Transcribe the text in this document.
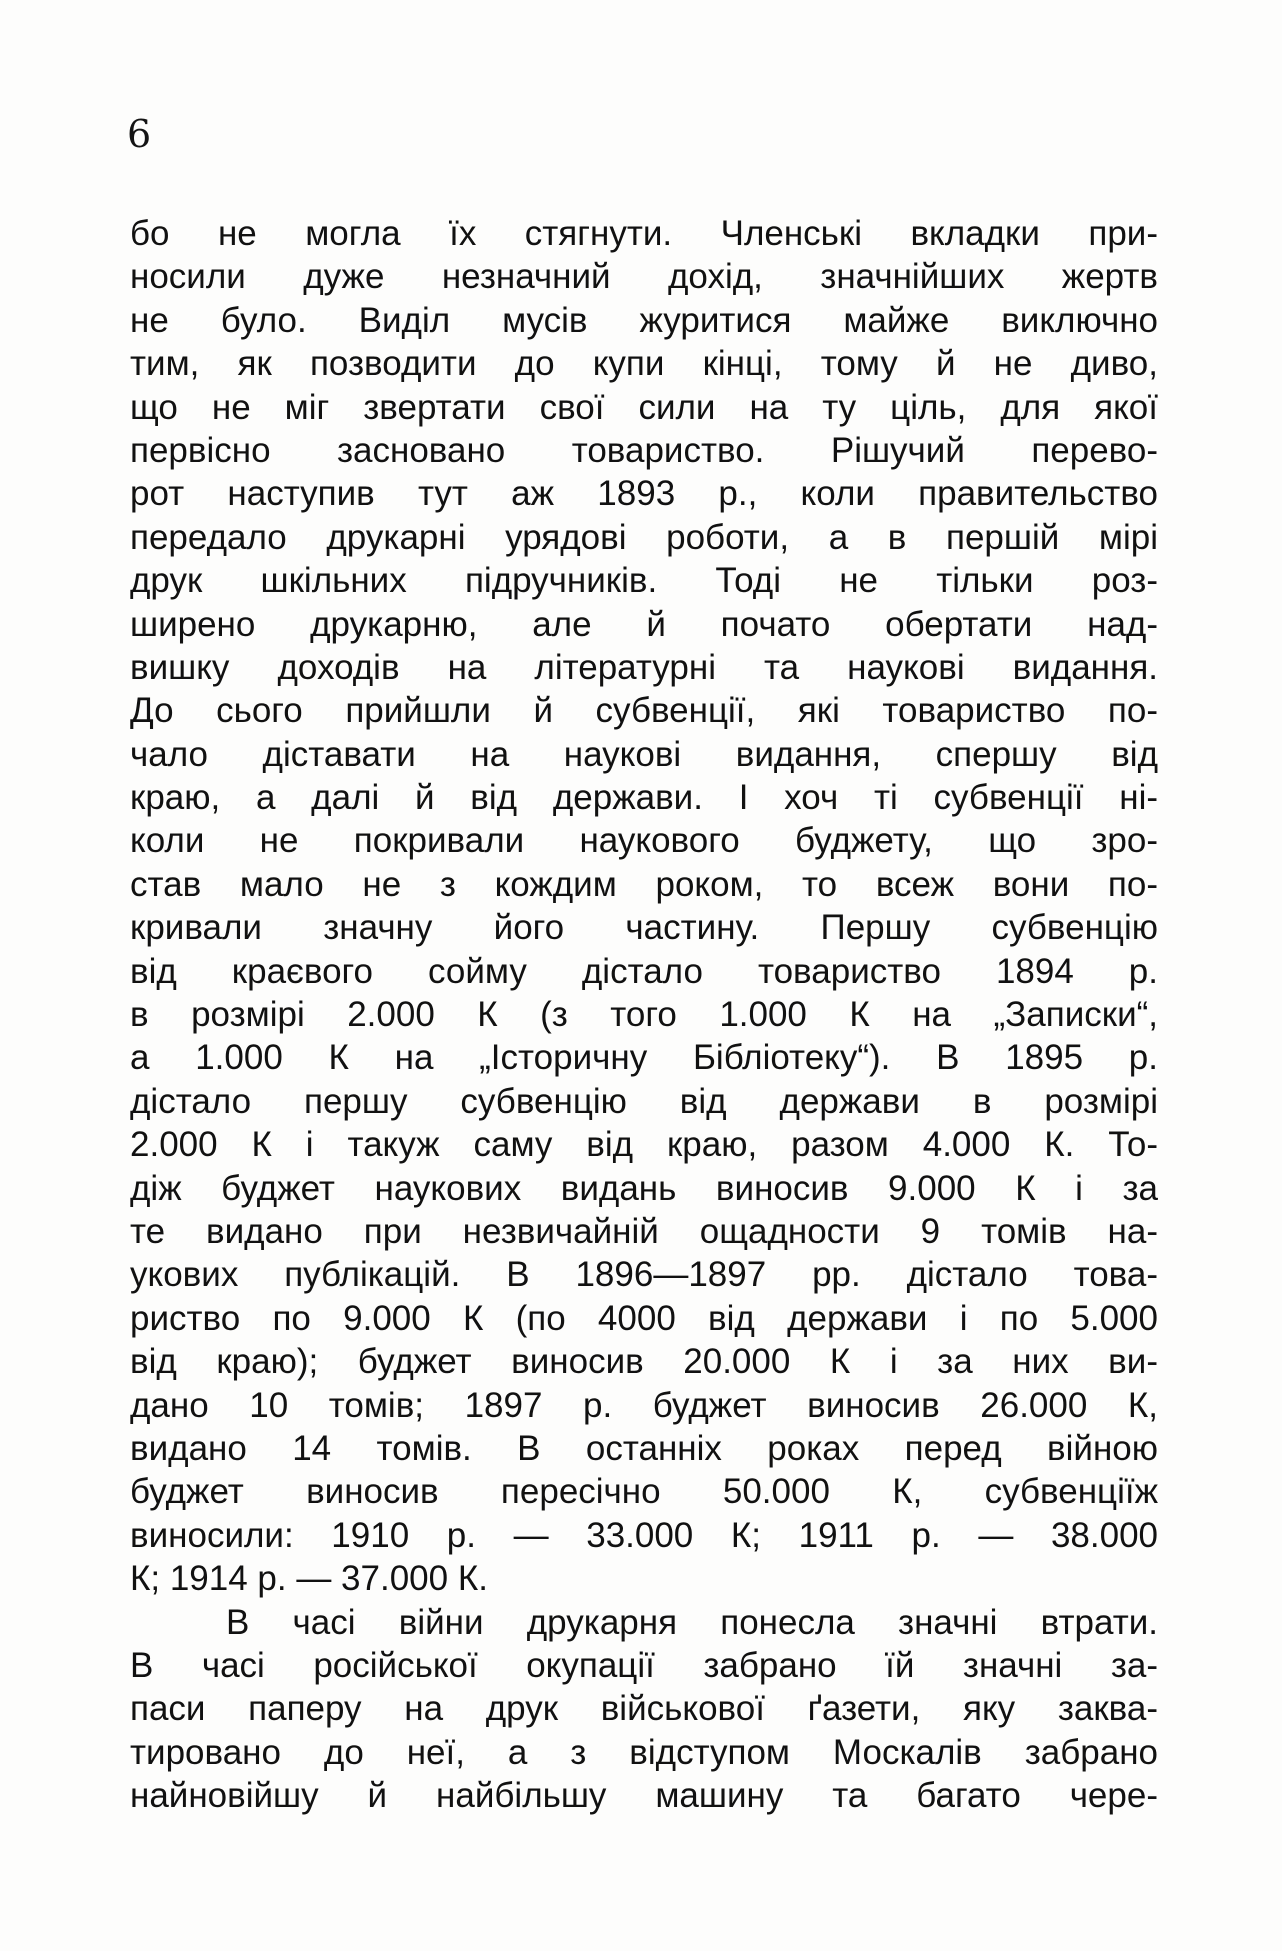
6
бо не могла їх стягнути. Членські вкладки при-
носили дуже незначний дохід, значнійших жертв
не було. Виділ мусів журитися майже виключно
тим, як позводити до купи кінці, тому й не диво,
що не міг звертати свої сили на ту ціль, для якої
первісно засновано товариство. Рішучий перево-
рот наступив тут аж 1893 р., коли правительство
передало друкарні урядові роботи, а в першій мірі
друк шкільних підручників. Тоді не тільки роз-
ширено друкарню, але й почато обертати над-
вишку доходів на літературні та наукові видання.
До сього прийшли й субвенції, які товариство по-
чало діставати на наукові видання, спершу від
краю, а далі й від держави. І хоч ті субвенції ні-
коли не покривали наукового буджету, що зро-
став мало не з кождим роком, то всеж вони по-
кривали значну його частину. Першу субвенцію
від краєвого сойму дістало товариство 1894 р.
в розмірі 2.000 К (з того 1.000 К на „Записки“,
а 1.000 К на „Історичну Бібліотеку“). В 1895 р.
дістало першу субвенцію від держави в розмірі
2.000 К і такуж саму від краю, разом 4.000 К. То-
діж буджет наукових видань виносив 9.000 К і за
те видано при незвичайній ощадности 9 томів на-
укових публікацій. В 1896—1897 рр. дістало това-
риство по 9.000 К (по 4000 від держави і по 5.000
від краю); буджет виносив 20.000 К і за них ви-
дано 10 томів; 1897 р. буджет виносив 26.000 К,
видано 14 томів. В останніх роках перед війною
буджет виносив пересічно 50.000 К, субвенціїж
виносили: 1910 р. — 33.000 К; 1911 р. — 38.000
К; 1914 р. — 37.000 К.
В часі війни друкарня понесла значні втрати.
В часі російської окупації забрано їй значні за-
паси паперу на друк військової ґазети, яку заква-
тировано до неї, а з відступом Москалів забрано
найновійшу й найбільшу машину та багато чере-
